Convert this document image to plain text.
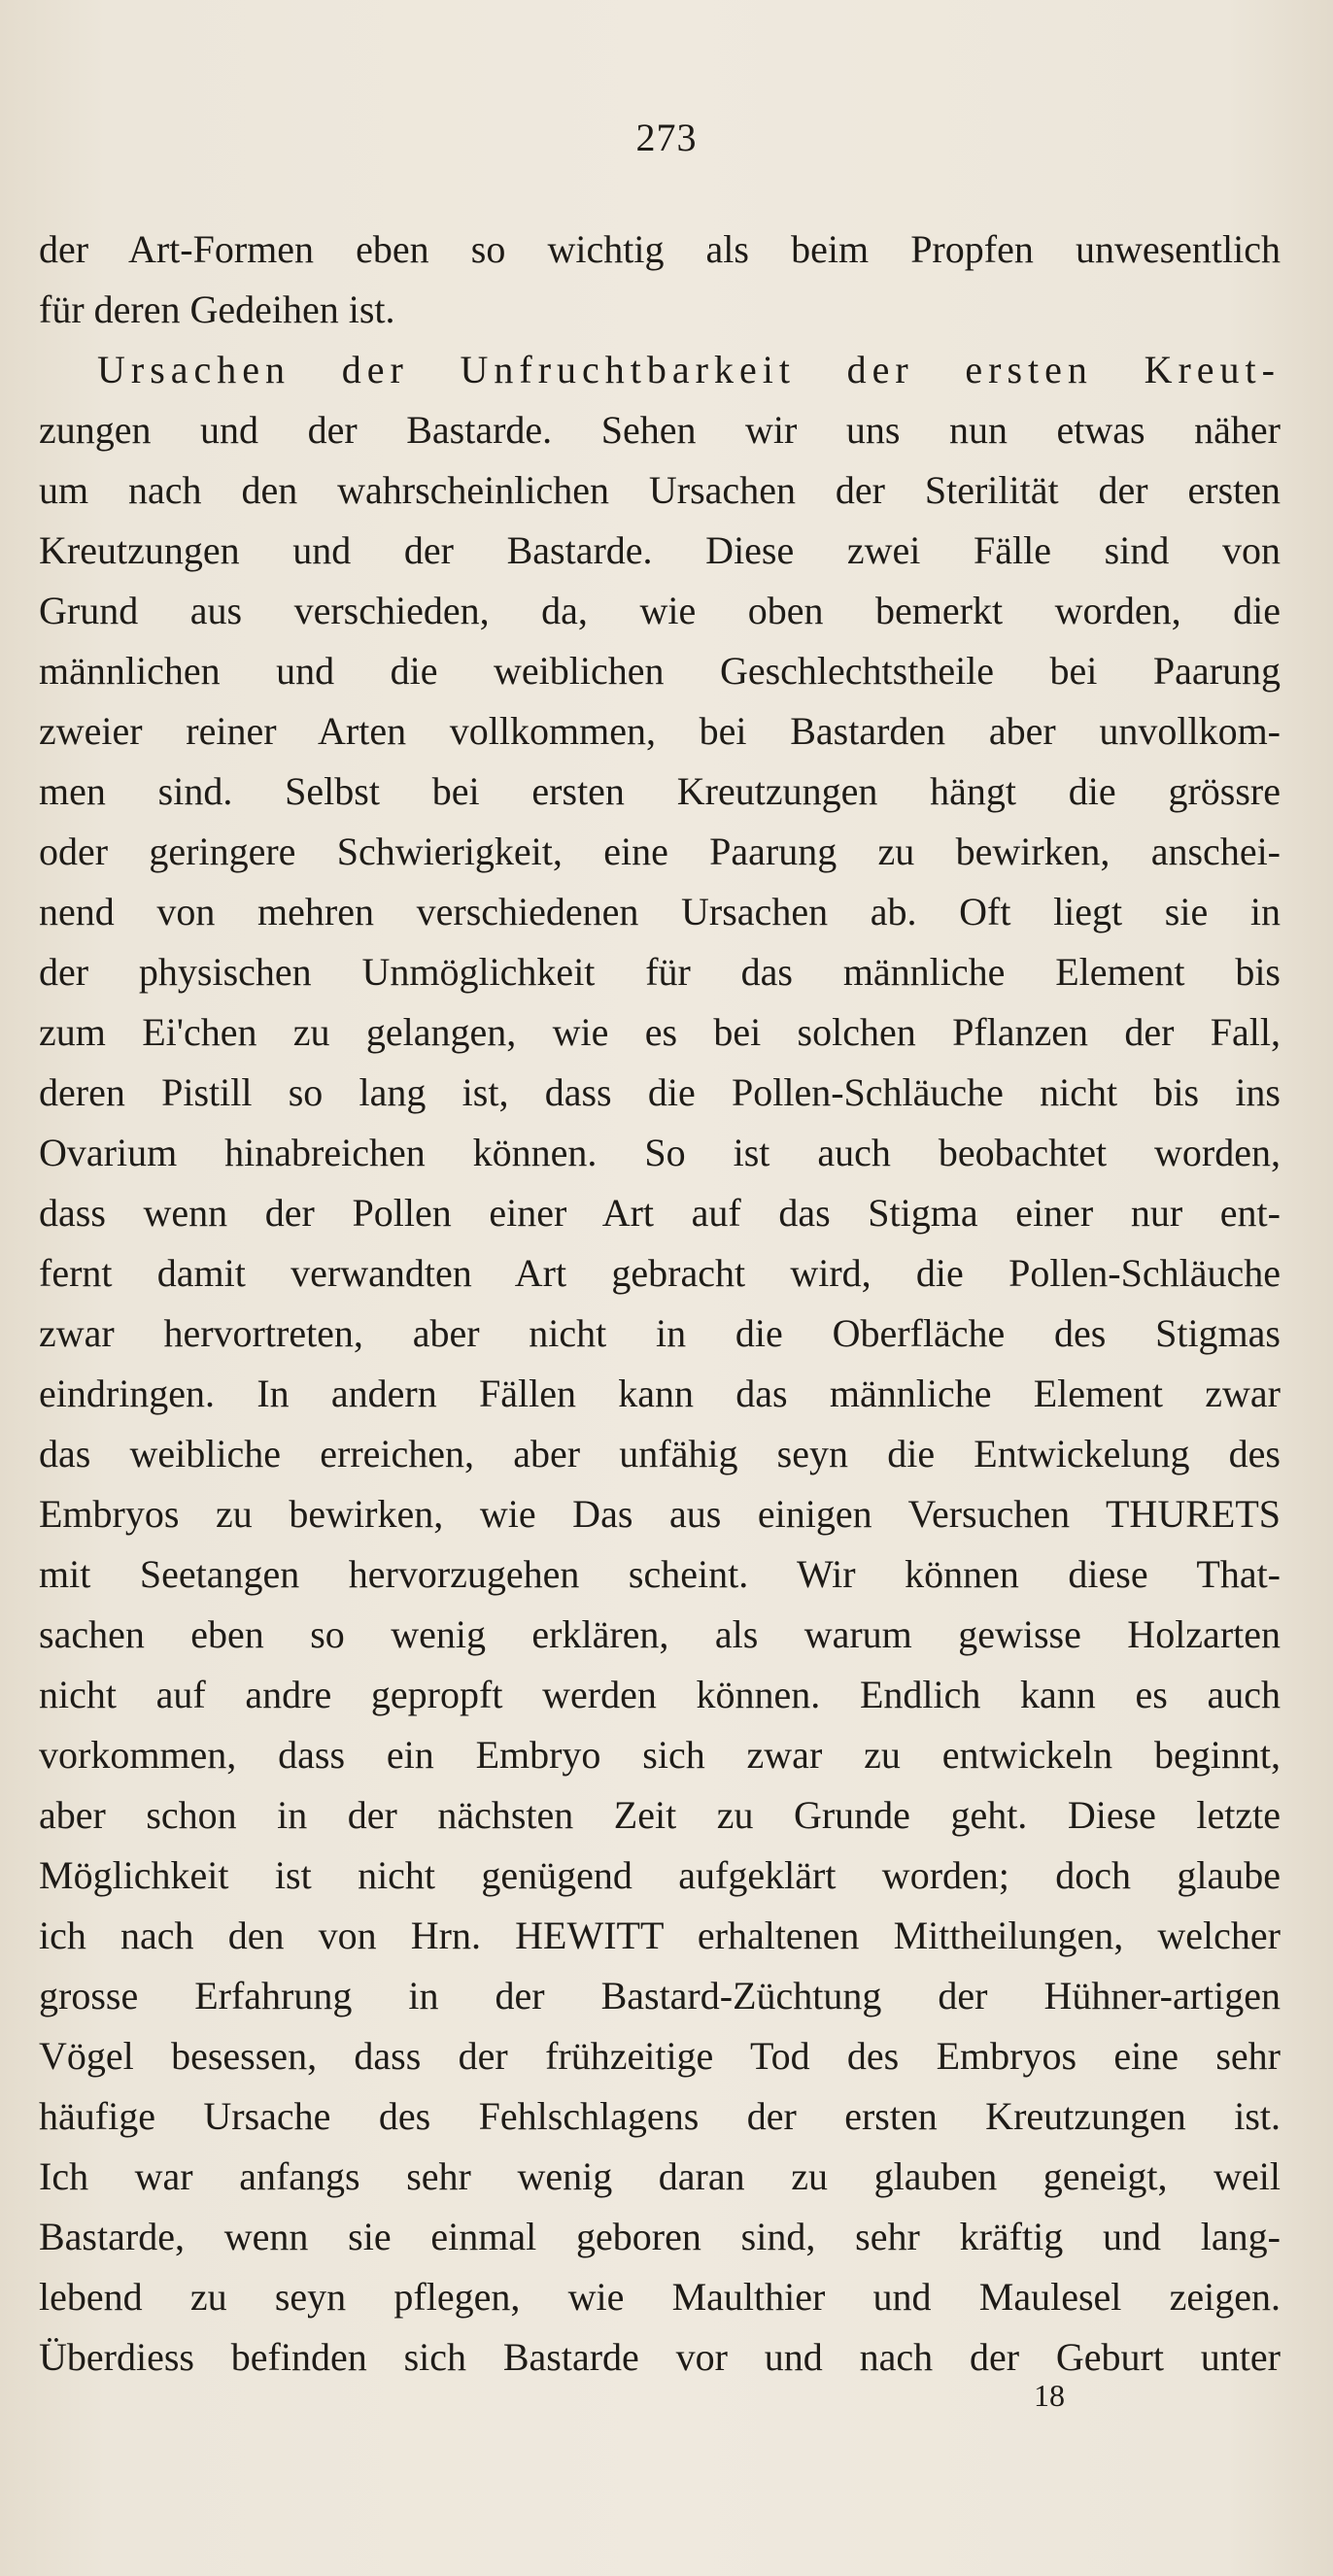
273
der Art-Formen eben so wichtig als beim Propfen unwesentlich
für deren Gedeihen ist.
Ursachen der Unfruchtbarkeit der ersten Kreut-
zungen und der Bastarde. Sehen wir uns nun etwas näher
um nach den wahrscheinlichen Ursachen der Sterilität der ersten
Kreutzungen und der Bastarde. Diese zwei Fälle sind von
Grund aus verschieden, da, wie oben bemerkt worden, die
männlichen und die weiblichen Geschlechtstheile bei Paarung
zweier reiner Arten vollkommen, bei Bastarden aber unvollkom-
men sind. Selbst bei ersten Kreutzungen hängt die grössre
oder geringere Schwierigkeit, eine Paarung zu bewirken, anschei-
nend von mehren verschiedenen Ursachen ab. Oft liegt sie in
der physischen Unmöglichkeit für das männliche Element bis
zum Ei'chen zu gelangen, wie es bei solchen Pflanzen der Fall,
deren Pistill so lang ist, dass die Pollen-Schläuche nicht bis ins
Ovarium hinabreichen können. So ist auch beobachtet worden,
dass wenn der Pollen einer Art auf das Stigma einer nur ent-
fernt damit verwandten Art gebracht wird, die Pollen-Schläuche
zwar hervortreten, aber nicht in die Oberfläche des Stigmas
eindringen. In andern Fällen kann das männliche Element zwar
das weibliche erreichen, aber unfähig seyn die Entwickelung des
Embryos zu bewirken, wie Das aus einigen Versuchen THURETS
mit Seetangen hervorzugehen scheint. Wir können diese That-
sachen eben so wenig erklären, als warum gewisse Holzarten
nicht auf andre gepropft werden können. Endlich kann es auch
vorkommen, dass ein Embryo sich zwar zu entwickeln beginnt,
aber schon in der nächsten Zeit zu Grunde geht. Diese letzte
Möglichkeit ist nicht genügend aufgeklärt worden; doch glaube
ich nach den von Hrn. HEWITT erhaltenen Mittheilungen, welcher
grosse Erfahrung in der Bastard-Züchtung der Hühner-artigen
Vögel besessen, dass der frühzeitige Tod des Embryos eine sehr
häufige Ursache des Fehlschlagens der ersten Kreutzungen ist.
Ich war anfangs sehr wenig daran zu glauben geneigt, weil
Bastarde, wenn sie einmal geboren sind, sehr kräftig und lang-
lebend zu seyn pflegen, wie Maulthier und Maulesel zeigen.
Überdiess befinden sich Bastarde vor und nach der Geburt unter
18
